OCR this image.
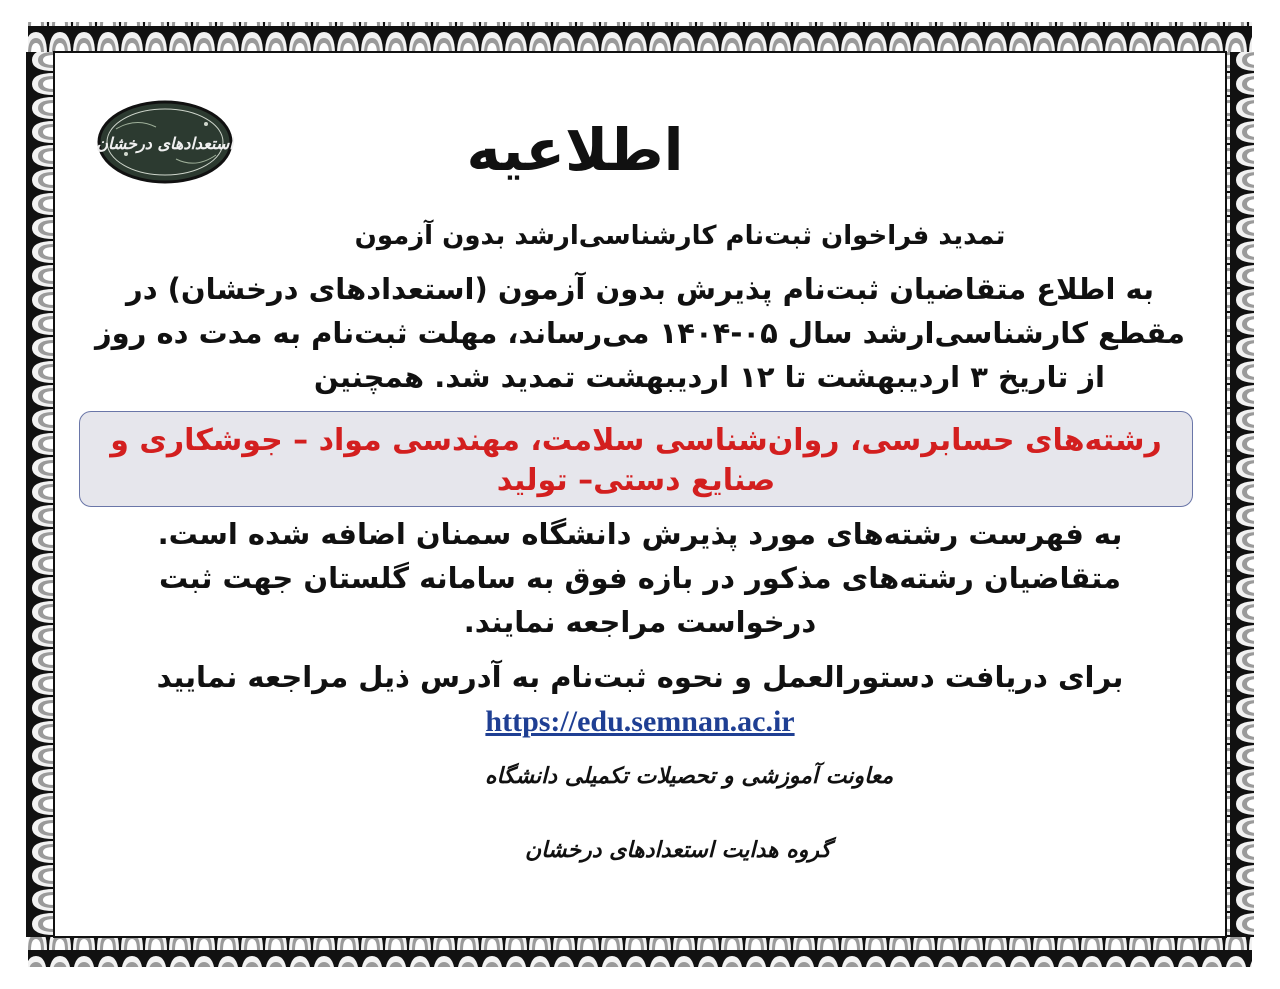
استعدادهای درخشان	اطلاعیه
تمدید فراخوان ثبت‌نام کارشناسی‌ارشد بدون آزمون
به اطلاع متقاضیان ثبت‌نام پذیرش بدون آزمون (استعدادهای درخشان) در
مقطع کارشناسی‌ارشد سال ۰۵-۱۴۰۴ می‌رساند، مهلت ثبت‌نام به مدت ده روز
از تاریخ ۳ اردیبهشت تا ۱۲ اردیبهشت تمدید شد. همچنین
رشته‌های حسابرسی، روان‌شناسی سلامت، مهندسی مواد – جوشکاری و
صنایع دستی– تولید
به فهرست رشته‌های مورد پذیرش دانشگاه سمنان اضافه شده است.
متقاضیان رشته‌های مذکور در بازه فوق به سامانه گلستان جهت ثبت
درخواست مراجعه نمایند.
برای دریافت دستورالعمل و نحوه ثبت‌نام به آدرس ذیل مراجعه نمایید
https://edu.semnan.ac.ir
معاونت آموزشی و تحصیلات تکمیلی دانشگاه
گروه هدایت استعدادهای درخشان
